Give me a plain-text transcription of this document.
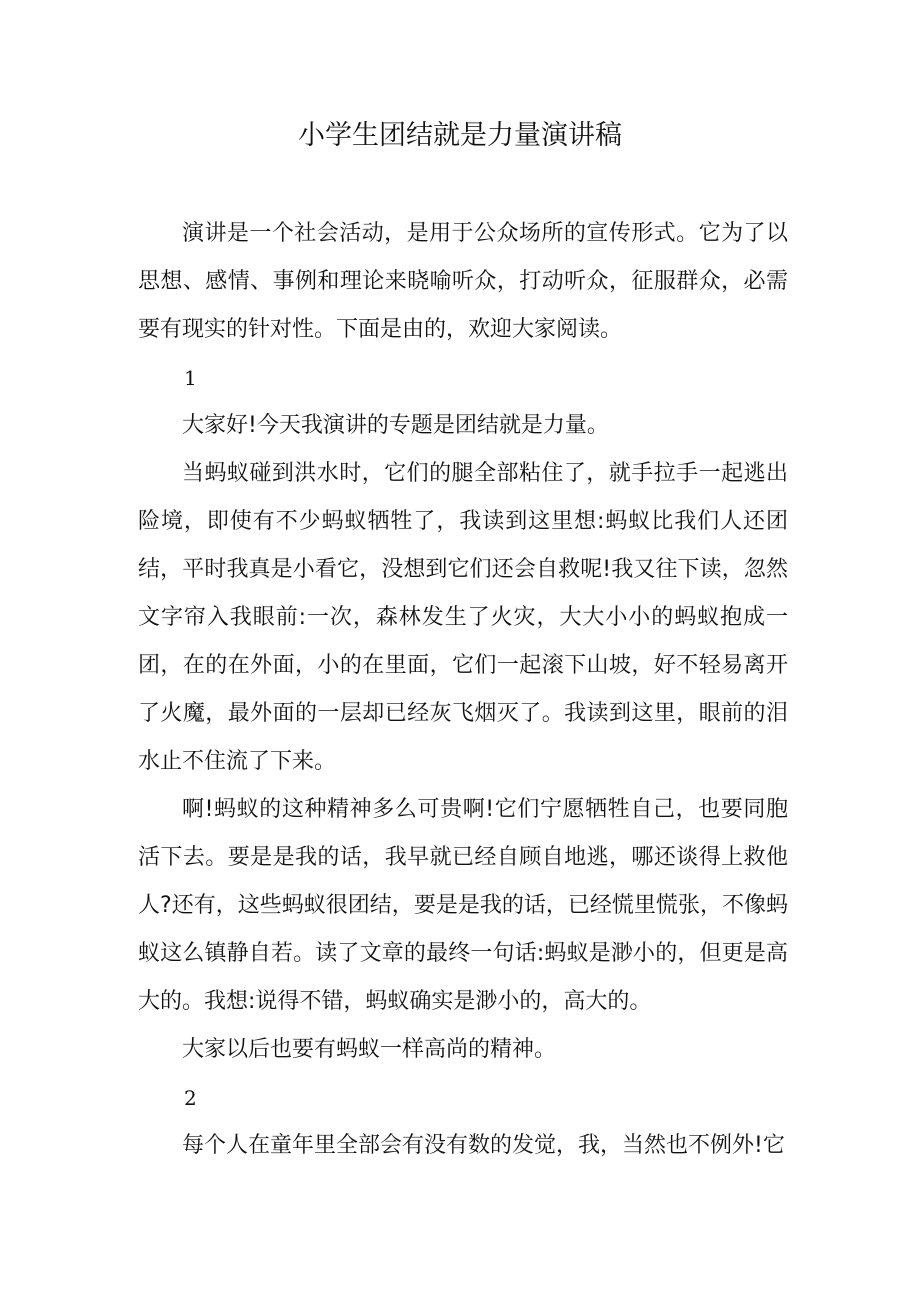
小学生团结就是力量演讲稿

演讲是一个社会活动，是用于公众场所的宣传形式。它为了以思想、感情、事例和理论来晓喻听众，打动听众，征服群众，必需要有现实的针对性。下面是由的，欢迎大家阅读。

1

大家好!今天我演讲的专题是团结就是力量。

当蚂蚁碰到洪水时，它们的腿全部粘住了，就手拉手一起逃出险境，即使有不少蚂蚁牺牲了，我读到这里想:蚂蚁比我们人还团结，平时我真是小看它，没想到它们还会自救呢!我又往下读，忽然文字帘入我眼前:一次，森林发生了火灾，大大小小的蚂蚁抱成一团，在的在外面，小的在里面，它们一起滚下山坡，好不轻易离开了火魔，最外面的一层却已经灰飞烟灭了。我读到这里，眼前的泪水止不住流了下来。

啊!蚂蚁的这种精神多么可贵啊!它们宁愿牺牲自己，也要同胞活下去。要是是我的话，我早就已经自顾自地逃，哪还谈得上救他人?还有，这些蚂蚁很团结，要是是我的话，已经慌里慌张，不像蚂蚁这么镇静自若。读了文章的最终一句话:蚂蚁是渺小的，但更是高大的。我想:说得不错，蚂蚁确实是渺小的，高大的。

大家以后也要有蚂蚁一样高尚的精神。

2

每个人在童年里全部会有没有数的发觉，我，当然也不例外!它
